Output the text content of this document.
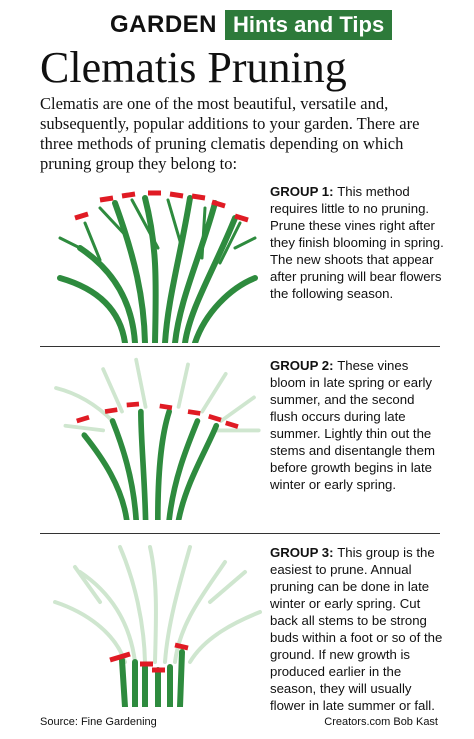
GARDEN Hints and Tips
Clematis Pruning
Clematis are one of the most beautiful, versatile and, subsequently, popular additions to your garden. There are three methods of pruning clematis depending on which pruning group they belong to:
GROUP 1: This method requires little to no pruning. Prune these vines right after they finish blooming in spring. The new shoots that appear after pruning will bear flowers the following season.
GROUP 2: These vines bloom in late spring or early summer, and the second flush occurs during late summer. Lightly thin out the stems and disentangle them before growth begins in late winter or early spring.
GROUP 3: This group is the easiest to prune. Annual pruning can be done in late winter or early spring. Cut back all stems to be strong buds within a foot or so of the ground. If new growth is produced earlier in the season, they will usually flower in late summer or fall.
Source: Fine Gardening	Creators.com Bob Kast
